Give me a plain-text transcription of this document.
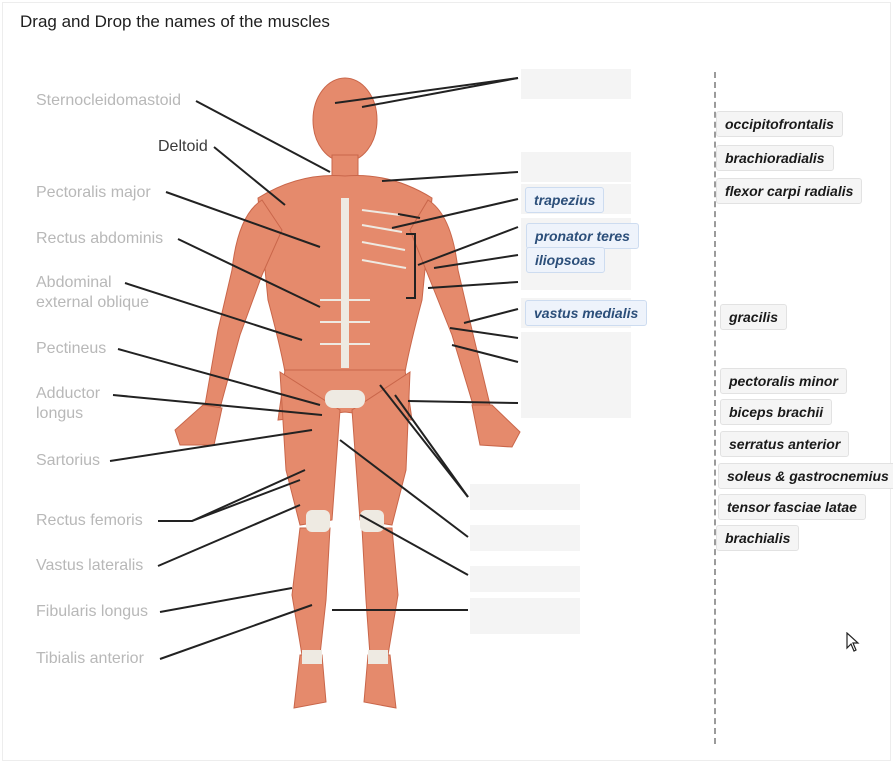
Drag and Drop the names of the muscles
Sternocleidomastoid
Deltoid
Pectoralis major
Rectus abdominis
Abdominal
external oblique
Pectineus
Adductor
longus
Sartorius
Rectus femoris
Vastus lateralis
Fibularis longus
Tibialis anterior
trapezius
pronator teres
iliopsoas
vastus medialis
occipitofrontalis
brachioradialis
flexor carpi radialis
gracilis
pectoralis minor
biceps brachii
serratus anterior
soleus & gastrocnemius
tensor fasciae latae
brachialis
